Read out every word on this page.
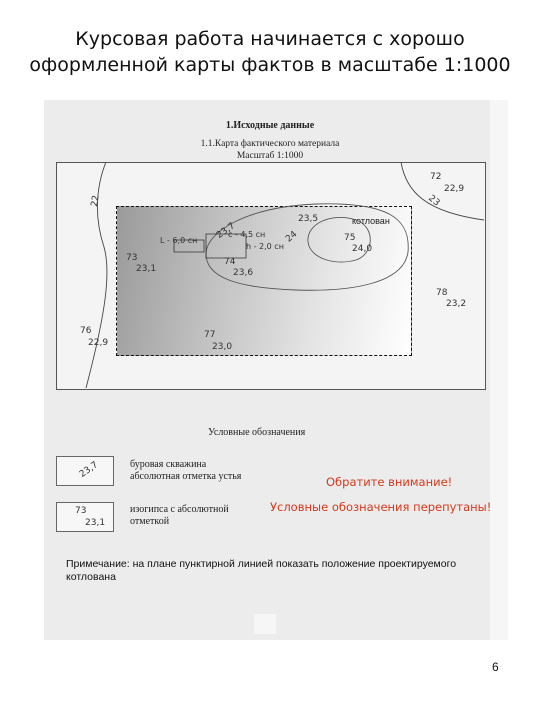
Курсовая работа начинается с хорошо
оформленной карты фактов в масштабе 1:1000
1.Исходные данные
1.1.Карта фактического материала
Масштаб 1:1000
72
22,9
73
23,1
74
23,6
75
24,0
76
22,9
77
23,0
78
23,2
23,5
22	23
24
23,7
L - 6,0 сн
с - 4,5 сн
h - 2,0 сн
котлован
Условные обозначения
23,7	буровая скважина
абсолютная отметка устья
73
23,1
изогипса с абсолютной
отметкой
Обратите внимание!
Условные обозначения перепутаны!
Примечание: на плане пунктирной линией показать положение проектируемого котлована
6
